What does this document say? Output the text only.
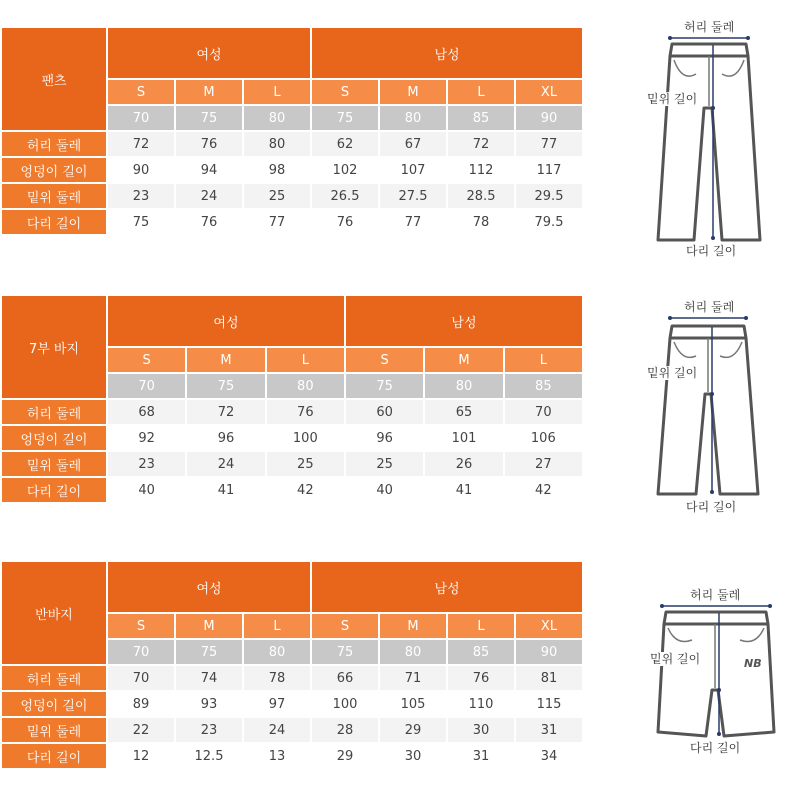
팬츠	여성			남성			
	S	M	L	S	M	L	XL
	70	75	80	75	80	85	90
허리 둘레	72	76	80	62	67	72	77
엉덩이 길이	90	94	98	102	107	112	117
밑위 둘레	23	24	25	26.5	27.5	28.5	29.5
다리 길이	75	76	77	76	77	78	79.5
7부 바지	여성			남성		
	S	M	L	S	M	L
	70	75	80	75	80	85
허리 둘레	68	72	76	60	65	70
엉덩이 길이	92	96	100	96	101	106
밑위 둘레	23	24	25	25	26	27
다리 길이	40	41	42	40	41	42
반바지	여성			남성			
	S	M	L	S	M	L	XL
	70	75	80	75	80	85	90
허리 둘레	70	74	78	66	71	76	81
엉덩이 길이	89	93	97	100	105	110	115
밑위 둘레	22	23	24	28	29	30	31
다리 길이	12	12.5	13	29	30	31	34
허리 둘레
밑위 길이
다리 길이
허리 둘레
밑위 길이
다리 길이
NB
허리 둘레
밑위 길이
다리 길이
